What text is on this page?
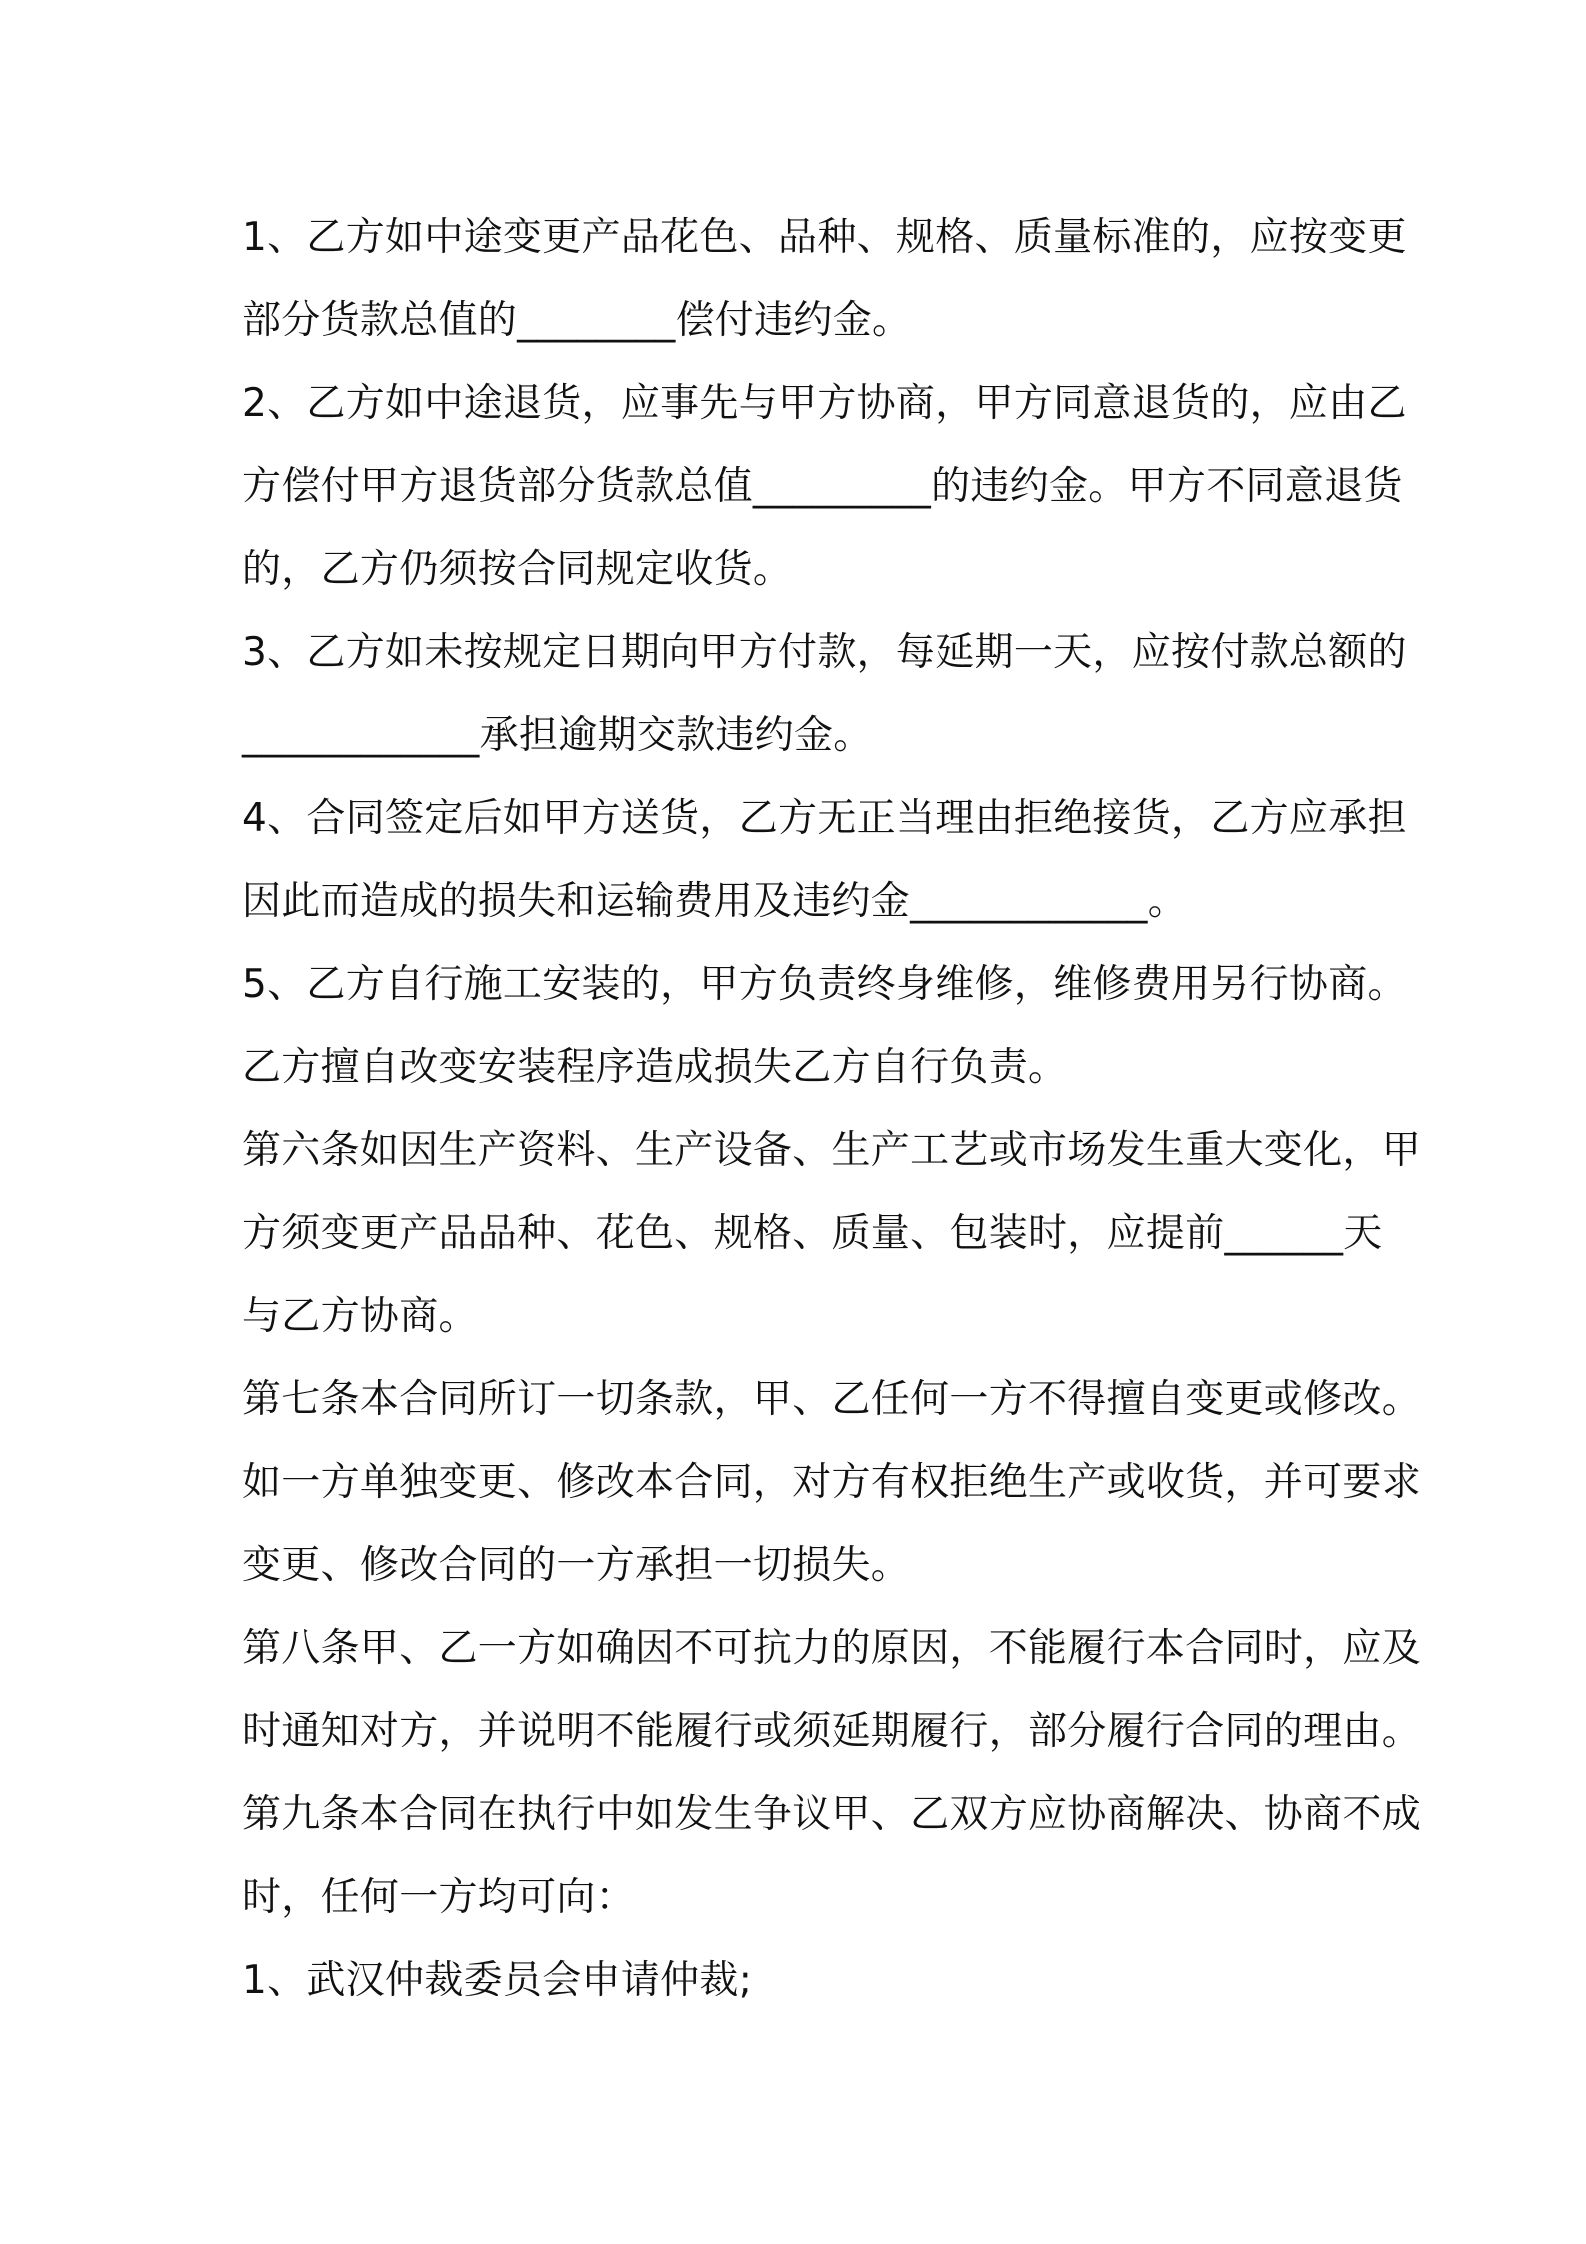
1、乙方如中途变更产品花色、品种、规格、质量标准的，应按变更
部分货款总值的________偿付违约金。
2、乙方如中途退货，应事先与甲方协商，甲方同意退货的，应由乙
方偿付甲方退货部分货款总值_________的违约金。甲方不同意退货
的，乙方仍须按合同规定收货。
3、乙方如未按规定日期向甲方付款，每延期一天，应按付款总额的
____________承担逾期交款违约金。
4、合同签定后如甲方送货，乙方无正当理由拒绝接货，乙方应承担
因此而造成的损失和运输费用及违约金____________。
5、乙方自行施工安装的，甲方负责终身维修，维修费用另行协商。
乙方擅自改变安装程序造成损失乙方自行负责。
第六条如因生产资料、生产设备、生产工艺或市场发生重大变化，甲
方须变更产品品种、花色、规格、质量、包装时，应提前______天
与乙方协商。
第七条本合同所订一切条款，甲、乙任何一方不得擅自变更或修改。
如一方单独变更、修改本合同，对方有权拒绝生产或收货，并可要求
变更、修改合同的一方承担一切损失。
第八条甲、乙一方如确因不可抗力的原因，不能履行本合同时，应及
时通知对方，并说明不能履行或须延期履行，部分履行合同的理由。
第九条本合同在执行中如发生争议甲、乙双方应协商解决、协商不成
时，任何一方均可向：
1、武汉仲裁委员会申请仲裁;
